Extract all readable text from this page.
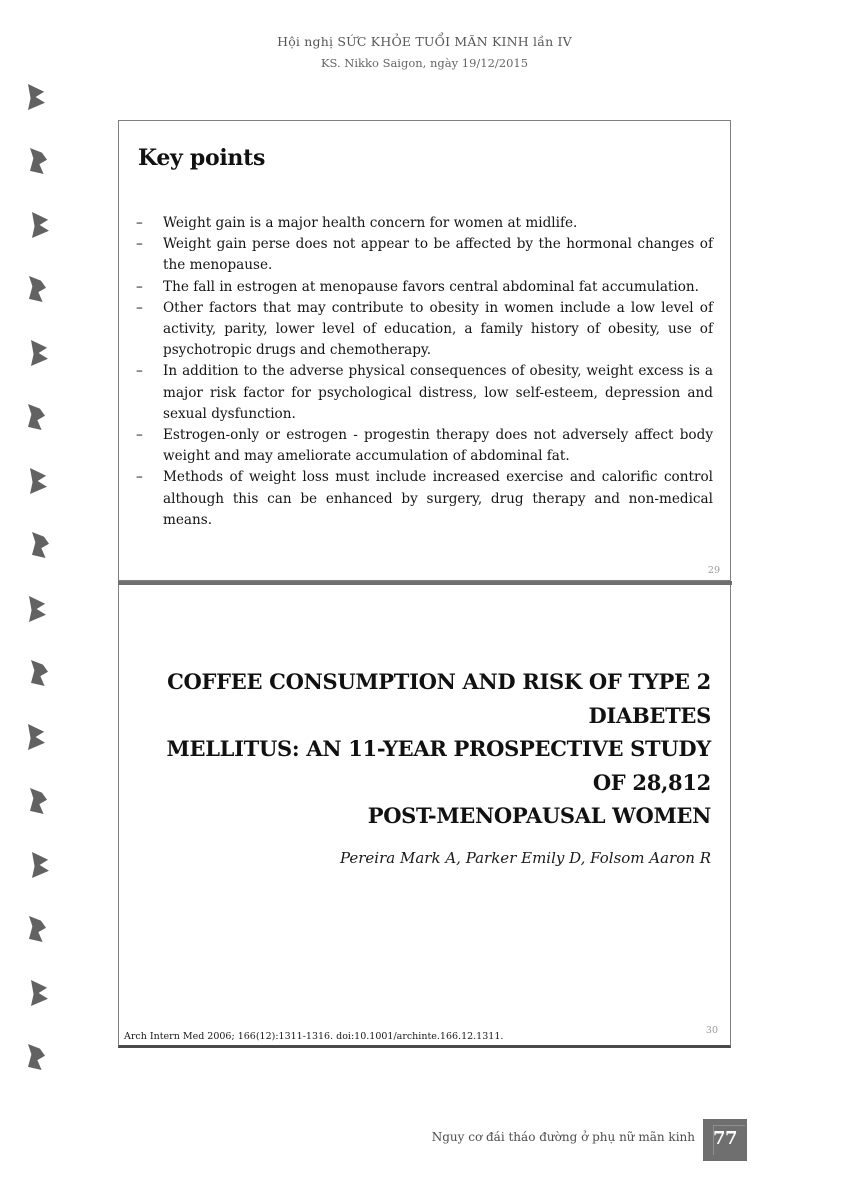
Hội nghị SỨC KHỎE TUỔI MÃN KINH lần IV
KS. Nikko Saigon, ngày 19/12/2015
Key points
– Weight gain is a major health concern for women at midlife.
– Weight gain perse does not appear to be affected by the hormonal changes of the menopause.
– The fall in estrogen at menopause favors central abdominal fat accumulation.
– Other factors that may contribute to obesity in women include a low level of activity, parity, lower level of education, a family history of obesity, use of psychotropic drugs and chemotherapy.
– In addition to the adverse physical consequences of obesity, weight excess is a major risk factor for psychological distress, low self-esteem, depression and sexual dysfunction.
– Estrogen-only or estrogen - progestin therapy does not adversely affect body weight and may ameliorate accumulation of abdominal fat.
– Methods of weight loss must include increased exercise and calorific control although this can be enhanced by surgery, drug therapy and non-medical means.
29
COFFEE CONSUMPTION AND RISK OF TYPE 2 DIABETES
MELLITUS: AN 11-YEAR PROSPECTIVE STUDY OF 28,812
POST-MENOPAUSAL WOMEN
Pereira Mark A, Parker Emily D, Folsom Aaron R
Arch Intern Med 2006; 166(12):1311-1316. doi:10.1001/archinte.166.12.1311.
30
Nguy cơ đái tháo đường ở phụ nữ mãn kinh 77
